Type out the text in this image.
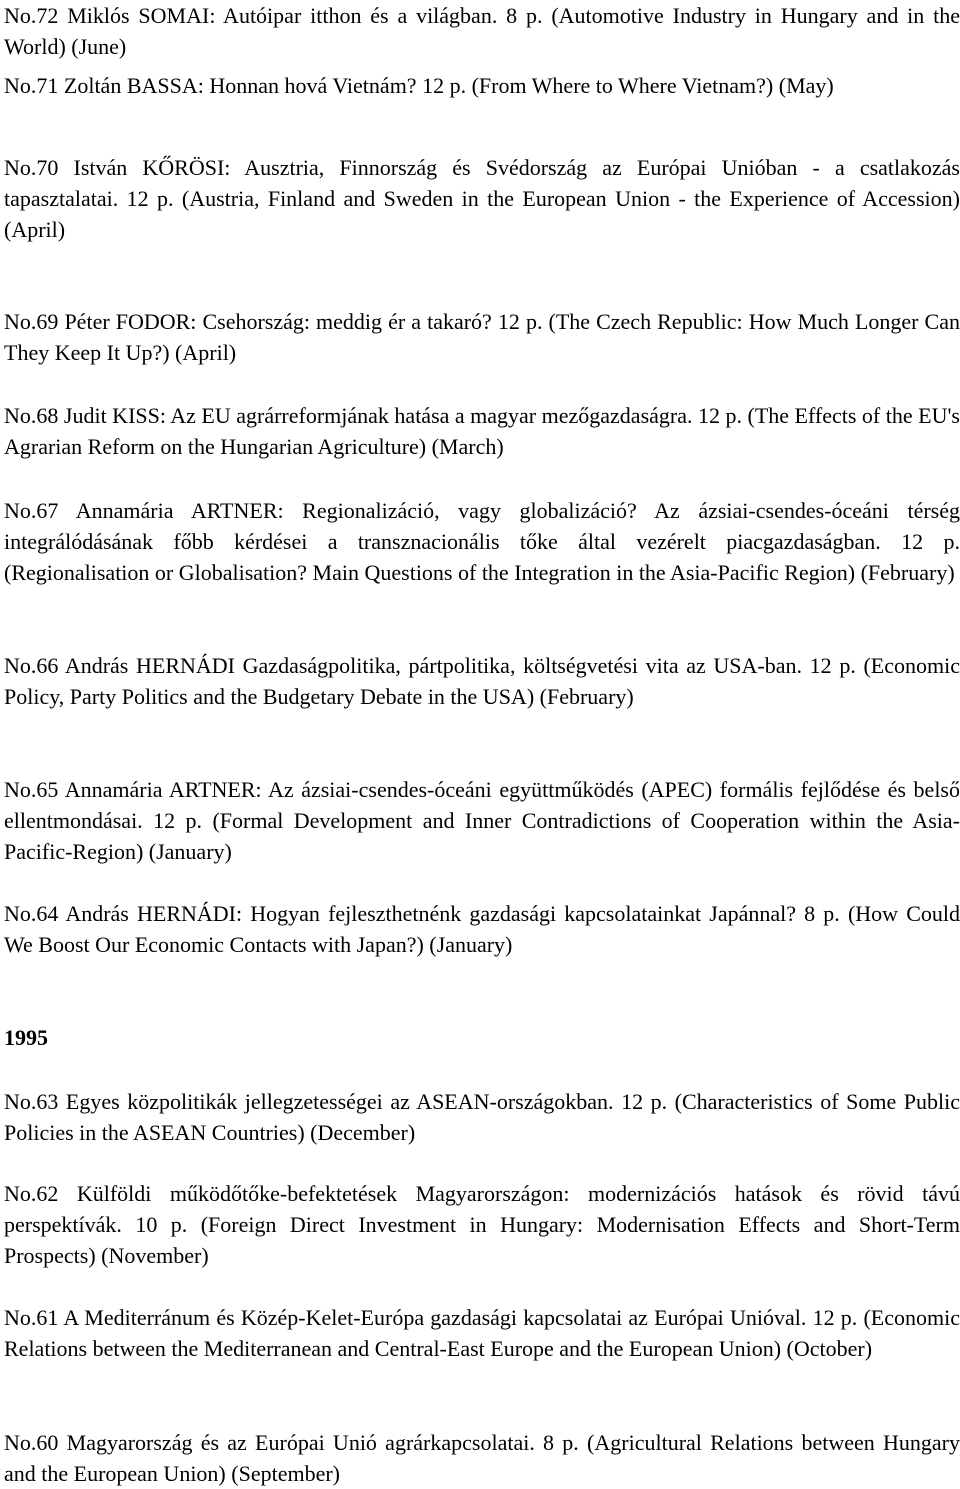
No.72 Miklós SOMAI: Autóipar itthon és a világban. 8 p. (Automotive Industry in Hungary and in the World) (June)

No.71 Zoltán BASSA: Honnan hová Vietnám? 12 p. (From Where to Where Vietnam?) (May)

No.70 István KŐRÖSI: Ausztria, Finnország és Svédország az Európai Unióban - a csatlakozás tapasztalatai. 12 p. (Austria, Finland and Sweden in the European Union - the Experience of Accession) (April)

No.69 Péter FODOR: Csehország: meddig ér a takaró? 12 p. (The Czech Republic: How Much Longer Can They Keep It Up?) (April)

No.68 Judit KISS: Az EU agrárreformjának hatása a magyar mezőgazdaságra. 12 p. (The Effects of the EU's Agrarian Reform on the Hungarian Agriculture) (March)

No.67 Annamária ARTNER: Regionalizáció, vagy globalizáció? Az ázsiai-csendes-óceáni térség integrálódásának főbb kérdései a transznacionális tőke által vezérelt piacgazdaságban. 12 p. (Regionalisation or Globalisation? Main Questions of the Integration in the Asia-Pacific Region) (February)

No.66 András HERNÁDI Gazdaságpolitika, pártpolitika, költségvetési vita az USA-ban. 12 p. (Economic Policy, Party Politics and the Budgetary Debate in the USA) (February)

No.65 Annamária ARTNER: Az ázsiai-csendes-óceáni együttműködés (APEC) formális fejlődése és belső ellentmondásai. 12 p. (Formal Development and Inner Contradictions of Cooperation within the Asia-Pacific-Region) (January)

No.64 András HERNÁDI: Hogyan fejleszthetnénk gazdasági kapcsolatainkat Japánnal? 8 p. (How Could We Boost Our Economic Contacts with Japan?) (January)

1995

No.63 Egyes közpolitikák jellegzetességei az ASEAN-országokban. 12 p. (Characteristics of Some Public Policies in the ASEAN Countries) (December)

No.62 Külföldi működőtőke-befektetések Magyarországon: modernizációs hatások és rövid távú perspektívák. 10 p. (Foreign Direct Investment in Hungary: Modernisation Effects and Short-Term Prospects) (November)

No.61 A Mediterránum és Közép-Kelet-Európa gazdasági kapcsolatai az Európai Unióval. 12 p. (Economic Relations between the Mediterranean and Central-East Europe and the European Union) (October)

No.60 Magyarország és az Európai Unió agrárkapcsolatai. 8 p. (Agricultural Relations between Hungary and the European Union) (September)
